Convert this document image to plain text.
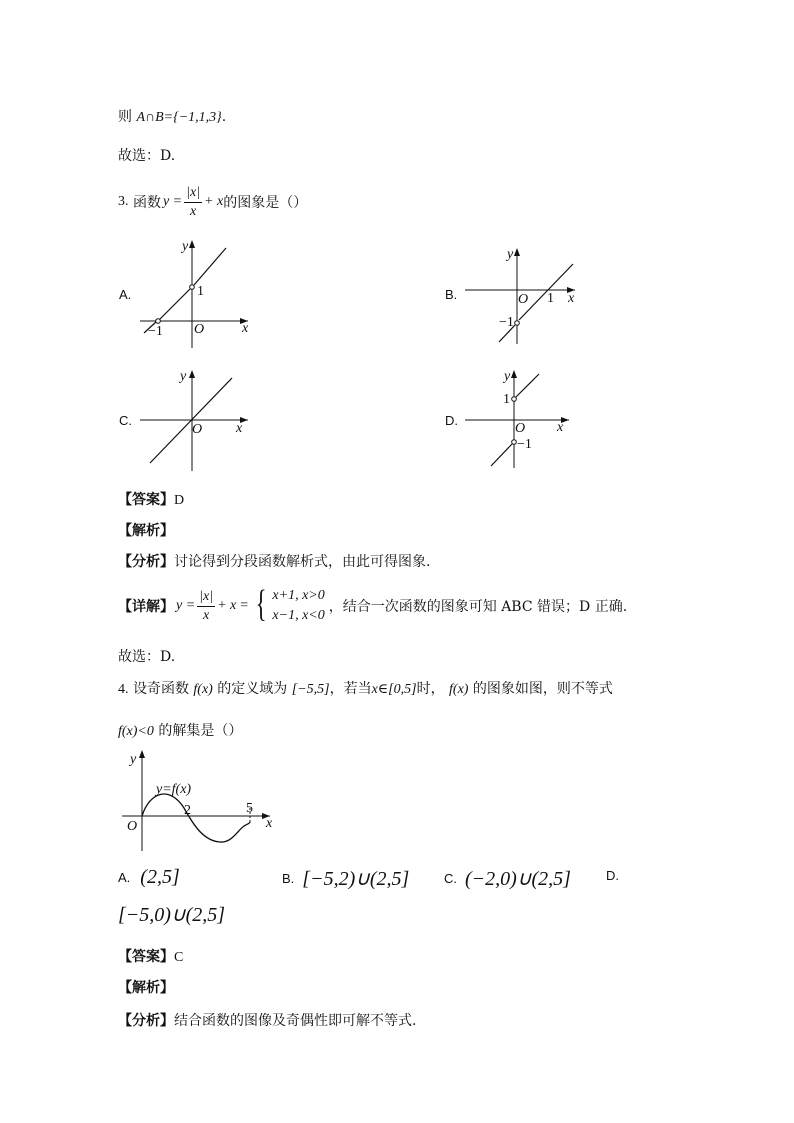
则 A∩B={−1,1,3}.
故选：D.
3.
函数 $y = \frac{|x|}{x} + x$ 的图象是（）
A.
y
x
O
1
−1
B.
y
x
O 1
−1
C.
y
x
O
D.
y
x
O
1
−1
【答案】D
【解析】
【分析】讨论得到分段函数解析式，由此可得图象.
【详解】 $y = \frac{|x|}{x} + x$ = { x+1, x>0
x−1, x<0
，结合一次函数的图象可知 ABC 错误；D 正确.
故选：D.
4. 设奇函数 f(x) 的定义域为 [−5,5]，若当x∈[0,5]时， f(x) 的图象如图，则不等式
f(x)<0 的解集是（）
y
x
O
2	5
y=f(x)
A. (2,5]	B. [−5,2)∪(2,5]	C. (−2,0)∪(2,5]	D.
[−5,0)∪(2,5]
【答案】C
【解析】
【分析】结合函数的图像及奇偶性即可解不等式.
